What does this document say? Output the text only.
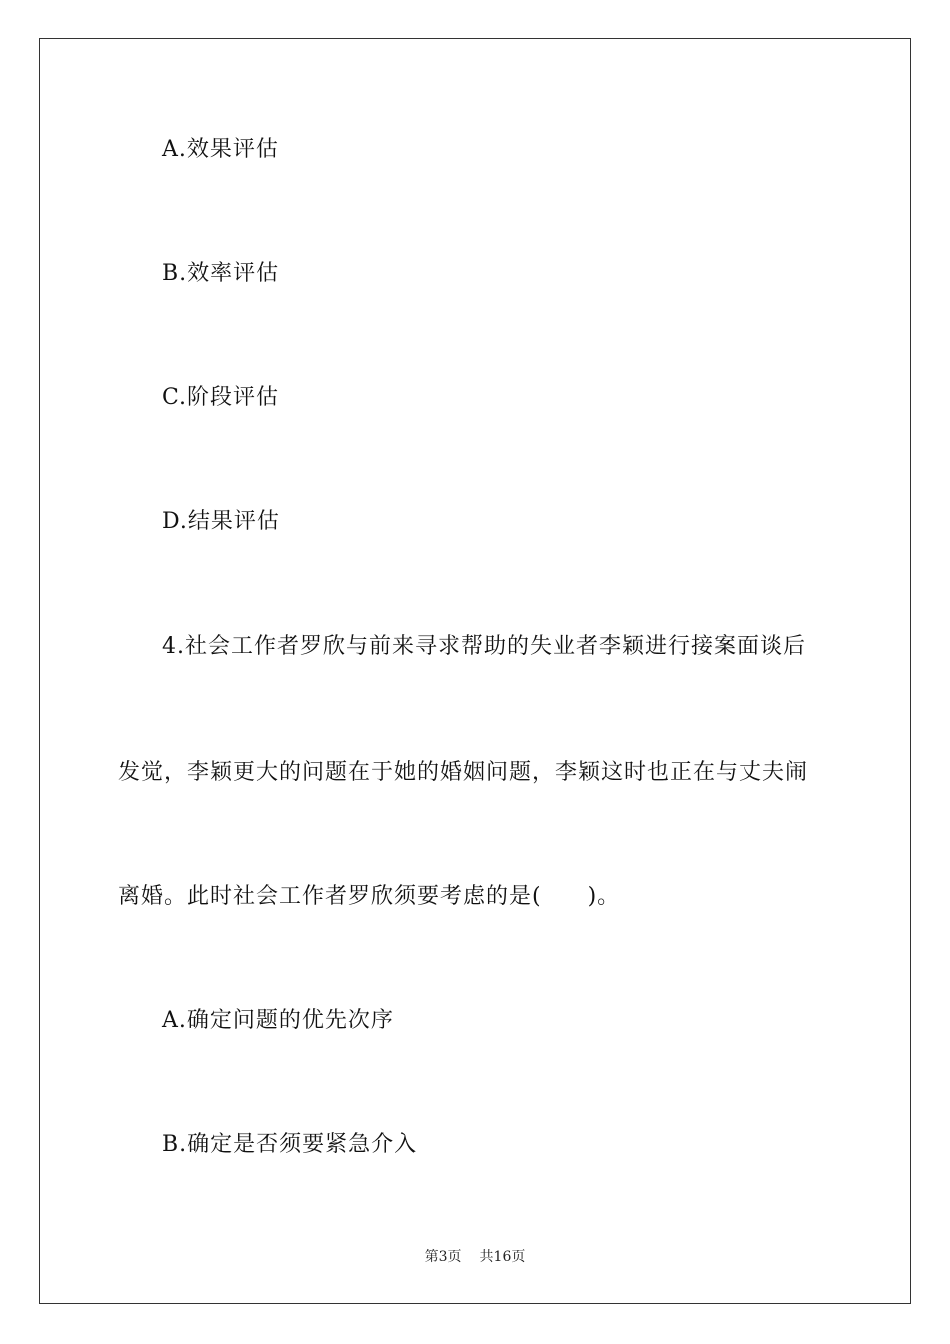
A.效果评估
B.效率评估
C.阶段评估
D.结果评估
4.社会工作者罗欣与前来寻求帮助的失业者李颖进行接案面谈后
发觉，李颖更大的问题在于她的婚姻问题，李颖这时也正在与丈夫闹
离婚。此时社会工作者罗欣须要考虑的是(　　)。
A.确定问题的优先次序
B.确定是否须要紧急介入
第3页 共16页
